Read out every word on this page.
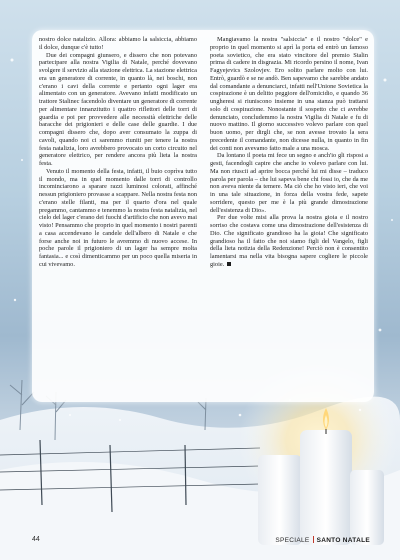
nostro dolce natalizio. Allora: abbiamo la salsiccia, abbiamo il dolce, dunque c'è tutto!

Due dei compagni giunsero, e dissero che non potevano partecipare alla nostra Vigilia di Natale, perché dovevano svolgere il servizio alla stazione elettrica. La stazione elettrica era un generatore di corrente, in quanto là, nei boschi, non c'erano i cavi della corrente e pertanto ogni lager era alimentato con un generatore. Avevano infatti modificato un trattore Stalinec facendolo diventare un generatore di corrente per alimentare innanzitutto i quattro riflettori delle torri di guardia e poi per provvedere alle necessità elettriche delle baracche dei prigionieri e delle case delle guardie. I due compagni dissero che, dopo aver consumato la zuppa di cavoli, quando noi ci saremmo riuniti per tenere la nostra festa natalizia, loro avrebbero provocato un corto circuito nel generatore elettrico, per rendere ancora più lieta la nostra festa.

Venuto il momento della festa, infatti, il buio coprìva tutto il mondo, ma in quel momento dalle torri di controllo incominciarono a sparare razzi luminosi colorati, affinché nessun prigioniero provasse a scappare. Nella nostra festa non c'erano stelle filanti, ma per il quarto d'ora nel quale pregammo, cantammo e tenemmo la nostra festa natalizia, nel cielo del lager c'erano dei fuochi d'artificio che non avevo mai visto! Pensammo che proprio in quel momento i nostri parenti a casa accendevano le candele dell'albero di Natale e che forse anche noi in futuro le avremmo di nuovo accese. In poche parole il prigioniero di un lager ha sempre molta fantasia... e così dimenticammo per un poco quella miseria in cui vivevamo.

Mangiavamo la nostra "salsiccia" e il nostro "dolce" e proprio in quel momento si aprì la porta ed entrò un famoso poeta sovietico, che era stato vincitore del premio Stalin prima di cadere in disgrazia. Mi ricordo persino il nome, Ivan Fagyejevics Szolovjev. Ero solito parlare molto con lui. Entrò, guardò e se ne andò. Ben sapevamo che sarebbe andato dal comandante a denunciarci, infatti nell'Unione Sovietica la cospirazione è un delitto peggiore dell'omicidio, e quando 36 ungheresi si riuniscono insieme in una stanza può trattarsi solo di cospirazione. Nonostante il sospetto che ci avrebbe denunciato, concludemmo la nostra Vigilia di Natale e fu di nuovo mattino. Il giorno successivo volevo parlare con quel buon uomo, per dirgli che, se non avesse trovato la sera precedente il comandante, non dicesse nulla, in quanto in fin dei conti non avevamo fatto male a una mosca.

Da lontano il poeta mi fece un segno e anch'io gli risposi a gesti, facendogli capire che anche io volevo parlare con lui. Ma non riuscii ad aprire bocca perché lui mi disse – traduco parola per parola – che lui sapeva bene chi fossi io, che da me non aveva niente da temere. Ma ciò che ho visto ieri, che voi in una tale situazione, in forza della vostra fede, sapete sorridere, questo per me è la più grande dimostrazione dell'esistenza di Dio».

Per due volte misi alla prova la nostra gioia e il nostro sorriso che costava come una dimostrazione dell'esistenza di Dio. Che significato grandioso ha la gioia! Che significato grandioso ha il fatto che noi siamo figli del Vangelo, figli della lieta notizia della Redenzione! Perciò non è consentito lamentarsi ma nella vita bisogna sapere cogliere le piccole gioie.

44	SPECIALE SANTO NATALE
